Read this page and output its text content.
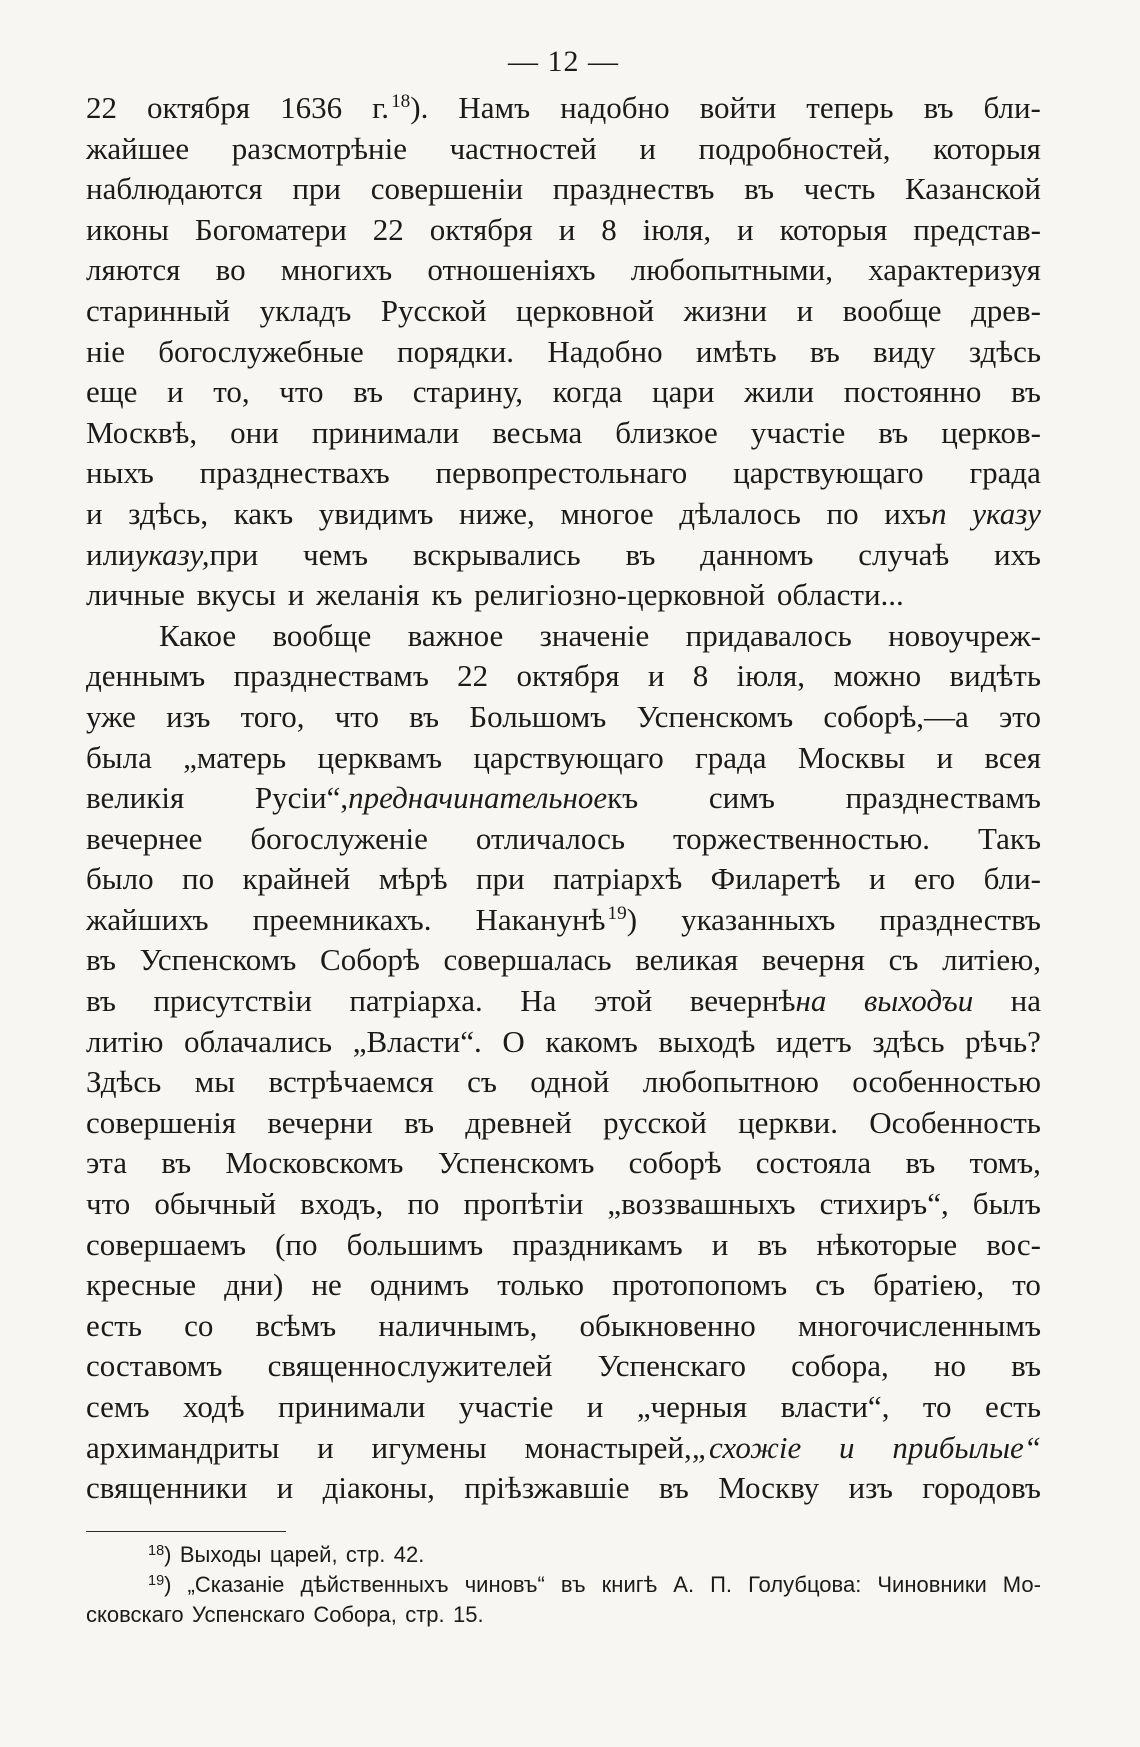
— 12 —
22 октября 1636 г. $^{18}$). Намъ надобно войти теперь въ бли-
жайшее разсмотрѣніе частностей и подробностей, которыя
наблюдаются при совершеніи празднествъ въ честь Казанской
иконы Богоматери 22 октября и 8 іюля, и которыя представ-
ляются во многихъ отношеніяхъ любопытными, характеризуя
старинный укладъ Русской церковной жизни и вообще древ-
ніе богослужебные порядки. Надобно имѣть въ виду здѣсь
еще и то, что въ старину, когда цари жили постоянно въ
Москвѣ, они принимали весьма близкое участіе въ церков-
ныхъ празднествахъ первопрестольнаго царствующаго града
и здѣсь, какъ увидимъ ниже, многое дѣлалось по ихъп указу
илиуказу,при чемъ вскрывались въ данномъ случаѣ ихъ
личные вкусы и желанія къ религіозно-церковной области...
Какое вообще важное значеніе придавалось новоучреж-
деннымъ празднествамъ 22 октября и 8 іюля, можно видѣть
уже изъ того, что въ Большомъ Успенскомъ соборѣ,—а это
была „матерь церквамъ царствующаго града Москвы и всея
великія Русіи“,предначинательноекъ симъ празднествамъ
вечернее богослуженіе отличалось торжественностью. Такъ
было по крайней мѣрѣ при патріархѣ Филаретѣ и его бли-
жайшихъ преемникахъ. Наканунѣ $^{19}$) указанныхъ празднествъ
въ Успенскомъ Соборѣ совершалась великая вечерня съ литіею,
въ присутствіи патріарха. На этой вечернѣна выходъи на
литію облачались „Власти“. О какомъ выходѣ идетъ здѣсь рѣчь?
Здѣсь мы встрѣчаемся съ одной любопытною особенностью
совершенія вечерни въ древней русской церкви. Особенность
эта въ Московскомъ Успенскомъ соборѣ состояла въ томъ,
что обычный входъ, по пропѣтіи „воззвашныхъ стихиръ“, былъ
совершаемъ (по большимъ праздникамъ и въ нѣкоторые вос-
кресные дни) не однимъ только протопопомъ съ братіею, то
есть со всѣмъ наличнымъ, обыкновенно многочисленнымъ
составомъ священнослужителей Успенскаго собора, но въ
семъ ходѣ принимали участіе и „черныя власти“, то есть
архимандриты и игумены монастырей,„схожіе и прибылые“
священники и діаконы, пріѣзжавшіе въ Москву изъ городовъ
$^{18}$) Выходы царей, стр. 42.
$^{19}$) „Сказаніе дѣйственныхъ чиновъ“ въ книгѣ А. П. Голубцова: Чиновники Мо-
сковскаго Успенскаго Собора, стр. 15.
